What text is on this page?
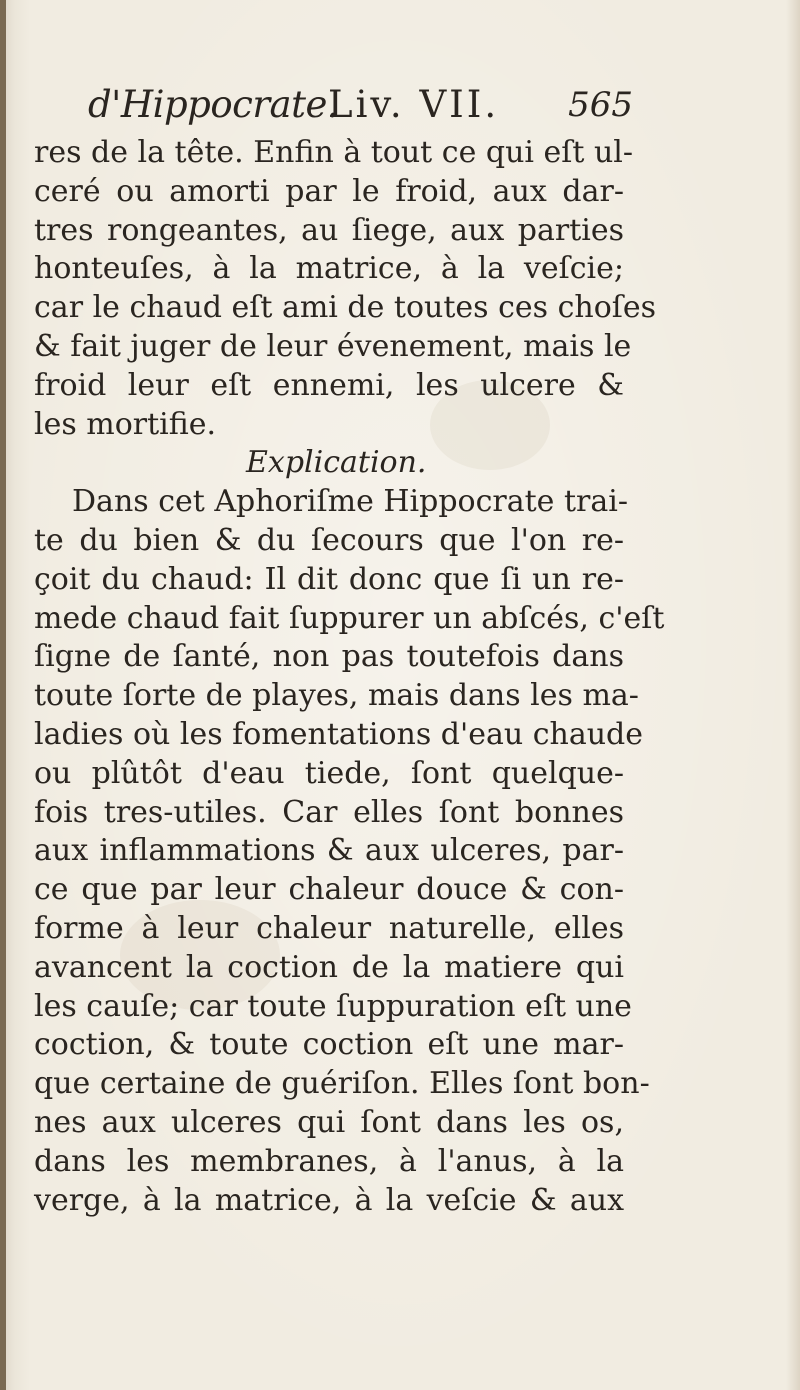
d'Hippocrate.
Liv. VII. 565
res de la tête. Enfin à tout ce qui eſt ul-
ceré ou amorti par le froid, aux dar-
tres rongeantes, au ſiege, aux parties
honteuſes, à la matrice, à la veſcie;
car le chaud eſt ami de toutes ces choſes
& fait juger de leur évenement, mais le
froid leur eſt ennemi, les ulcere &
les mortifie.
Explication.
Dans cet Aphoriſme Hippocrate trai-
te du bien & du ſecours que l'on re-
çoit du chaud: Il dit donc que ſi un re-
mede chaud fait ſuppurer un abſcés, c'eſt
ſigne de ſanté, non pas toutefois dans
toute ſorte de playes, mais dans les ma-
ladies où les fomentations d'eau chaude
ou plûtôt d'eau tiede, ſont quelque-
fois tres-utiles. Car elles ſont bonnes
aux inflammations & aux ulceres, par-
ce que par leur chaleur douce & con-
forme à leur chaleur naturelle, elles
avancent la coction de la matiere qui
les cauſe; car toute ſuppuration eſt une
coction, & toute coction eſt une mar-
que certaine de guériſon. Elles ſont bon-
nes aux ulceres qui ſont dans les os,
dans les membranes, à l'anus, à la
verge, à la matrice, à la veſcie & aux
